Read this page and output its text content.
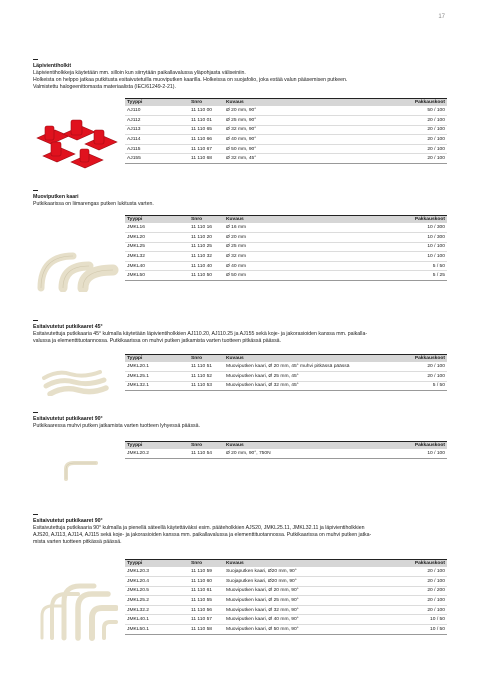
17
Läpivientiholkit
Läpivientiholkkeja käytetään mm. silloin kun siirrytään paikallavalussa yläpohjasta väliseiniin.
Holkeista on helppo jatkaa putkitusta esitaivutetuilla muoviputken kaarilla. Holkeissa on suojafolio, joka estää valun pääsemisen putkeen.
Valmistettu halogeenittomasta materiaalista (IEC/61249-2-21).
Tyyppi	Snro	Kuvaus	Pakkauskoot
AJ110	11 110 00	Ø 20 mm, 90°	50 / 100
AJ112	11 110 01	Ø 25 mm, 90°	20 / 100
AJ113	11 110 65	Ø 32 mm, 90°	20 / 100
AJ114	11 110 66	Ø 40 mm, 90°	20 / 100
AJ115	11 110 67	Ø 50 mm, 90°	20 / 100
AJ155	11 110 68	Ø 32 mm, 45°	20 / 100
Muoviputken kaari
Putkikaarissa on liimarengas putken lukitusta varten.
Tyyppi	Snro	Kuvaus	Pakkauskoot
JMKL16	11 110 16	Ø 16 mm	10 / 300
JMKL20	11 110 20	Ø 20 mm	10 / 300
JMKL25	11 110 25	Ø 25 mm	10 / 100
JMKL32	11 110 32	Ø 32 mm	10 / 100
JMKL40	11 110 40	Ø 40 mm	5 / 50
JMKL50	11 110 50	Ø 50 mm	5 / 25
Esitaivutetut putkikaaret 45°
Esitaivutettuja putkikaaria 45° kulmalla käytetään läpivientiholkkien AJ110.20, AJ110.25 ja AJ155 sekä koje- ja jakorasioiden kanssa mm. paikalla-
valussa ja elementtituotannossa. Putkikaarissa on muhvi putken jatkamista varten tuotteen pitkässä päässä.
Tyyppi	Snro	Kuvaus	Pakkauskoot
JMKL20.1	11 110 51	Muoviputken kaari, Ø 20 mm, 45° muhvi pitkässä päässä	20 / 100
JMKL25.1	11 110 52	Muoviputken kaari, Ø 25 mm, 45°	20 / 100
JMKL32.1	11 110 53	Muoviputken kaari, Ø 32 mm, 45°	5 / 50
Esitaivutetut putkikaaret 90°
Putkikaaressa muhvi putken jatkamista varten tuotteen lyhyessä päässä.
Tyyppi	Snro	Kuvaus	Pakkauskoot
JMKL20.2	11 110 54	Ø 20 mm, 90°, 750N	10 / 100
Esitaivutetut putkikaaret 90°
Esitaivutettuja putkikaaria 90° kulmalla ja pienellä säteellä käytettäväksi esim. pääteholkkien AJS20, JMKL25.11, JMKL32.11 ja läpivientiholkkien
AJS20, AJ113, AJ114, AJ115 sekä koje- ja jakorasioiden kanssa mm. paikallavalussa ja elementtituotannossa. Putkikaarissa on muhvi putken jatka-
mista varten tuotteen pitkässä päässä.
Tyyppi	Snro	Kuvaus	Pakkauskoot
JMKL20.3	11 110 59	Suojaputken kaari, Ø20 mm, 90°	20 / 100
JMKL20.4	11 110 60	Suojaputken kaari, Ø20 mm, 90°	20 / 100
JMKL20.5	11 110 61	Muoviputken kaari, Ø 20 mm, 90°	20 / 200
JMKL25.2	11 110 55	Muoviputken kaari, Ø 25 mm, 90°	20 / 100
JMKL32.2	11 110 56	Muoviputken kaari, Ø 32 mm, 90°	20 / 100
JMKL40.1	11 110 57	Muoviputken kaari, Ø 40 mm, 90°	10 / 50
JMKL50.1	11 110 58	Muoviputken kaari, Ø 50 mm, 90°	10 / 50
